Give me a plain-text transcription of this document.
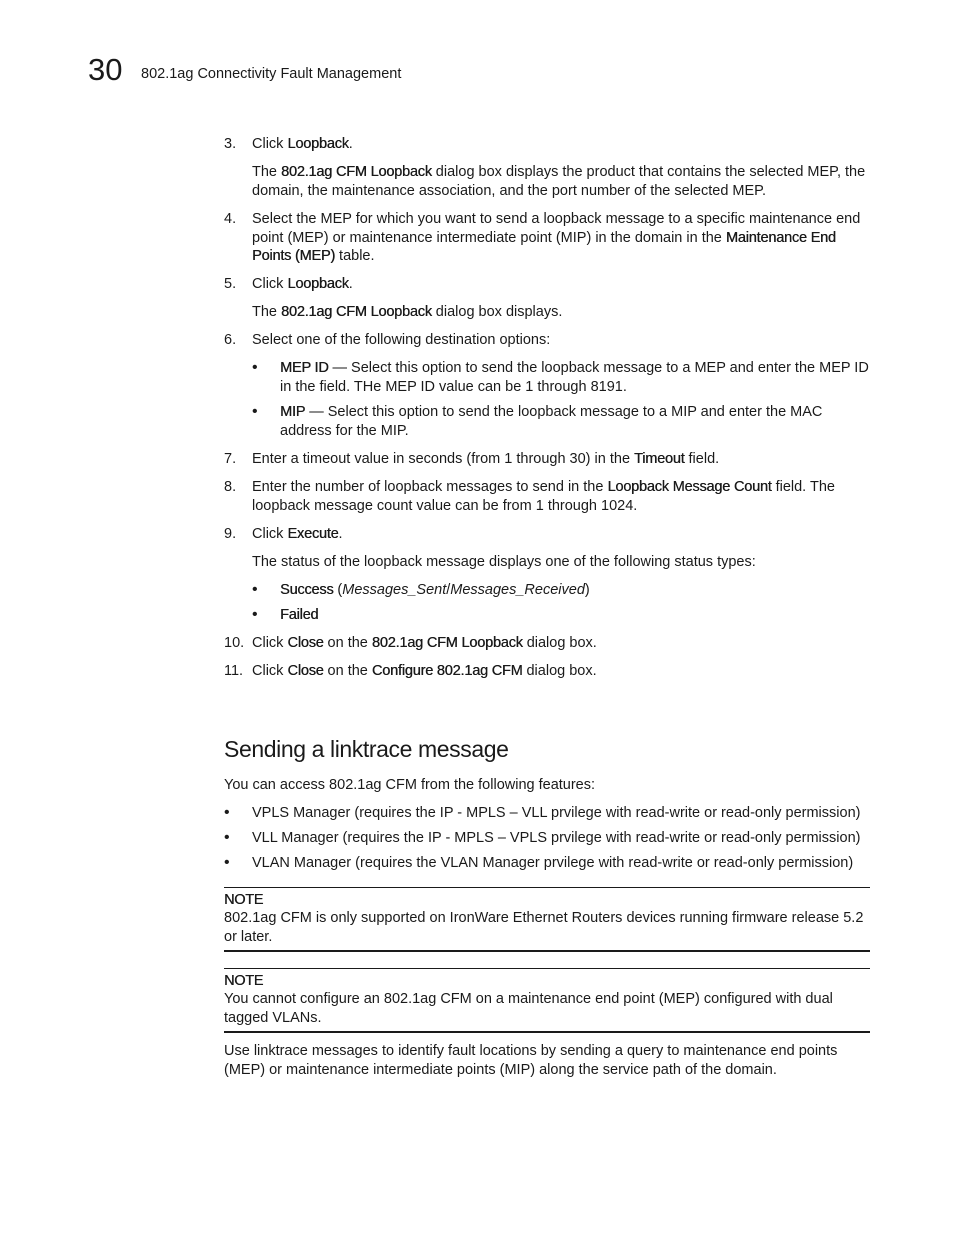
30 802.1ag Connectivity Fault Management
3.	Click Loopback.
The 802.1ag CFM Loopback dialog box displays the product that contains the selected MEP, the domain, the maintenance association, and the port number of the selected MEP.
4.	Select the MEP for which you want to send a loopback message to a specific maintenance end point (MEP) or maintenance intermediate point (MIP) in the domain in the Maintenance End Points (MEP) table.
5.	Click Loopback.
The 802.1ag CFM Loopback dialog box displays.
6.	Select one of the following destination options:
• MEP ID — Select this option to send the loopback message to a MEP and enter the MEP ID in the field. THe MEP ID value can be 1 through 8191.
• MIP — Select this option to send the loopback message to a MIP and enter the MAC address for the MIP.
7.	Enter a timeout value in seconds (from 1 through 30) in the Timeout field.
8.	Enter the number of loopback messages to send in the Loopback Message Count field. The loopback message count value can be from 1 through 1024.
9.	Click Execute.
The status of the loopback message displays one of the following status types:
• Success (Messages_Sent/Messages_Received)
• Failed
10. Click Close on the 802.1ag CFM Loopback dialog box.
11. Click Close on the Configure 802.1ag CFM dialog box.
Sending a linktrace message
You can access 802.1ag CFM from the following features:
• VPLS Manager (requires the IP - MPLS – VLL prvilege with read-write or read-only permission)
• VLL Manager (requires the IP - MPLS – VPLS prvilege with read-write or read-only permission)
• VLAN Manager (requires the VLAN Manager prvilege with read-write or read-only permission)
NOTE
802.1ag CFM is only supported on IronWare Ethernet Routers devices running firmware release 5.2 or later.
NOTE
You cannot configure an 802.1ag CFM on a maintenance end point (MEP) configured with dual tagged VLANs.
Use linktrace messages to identify fault locations by sending a query to maintenance end points (MEP) or maintenance intermediate points (MIP) along the service path of the domain.
